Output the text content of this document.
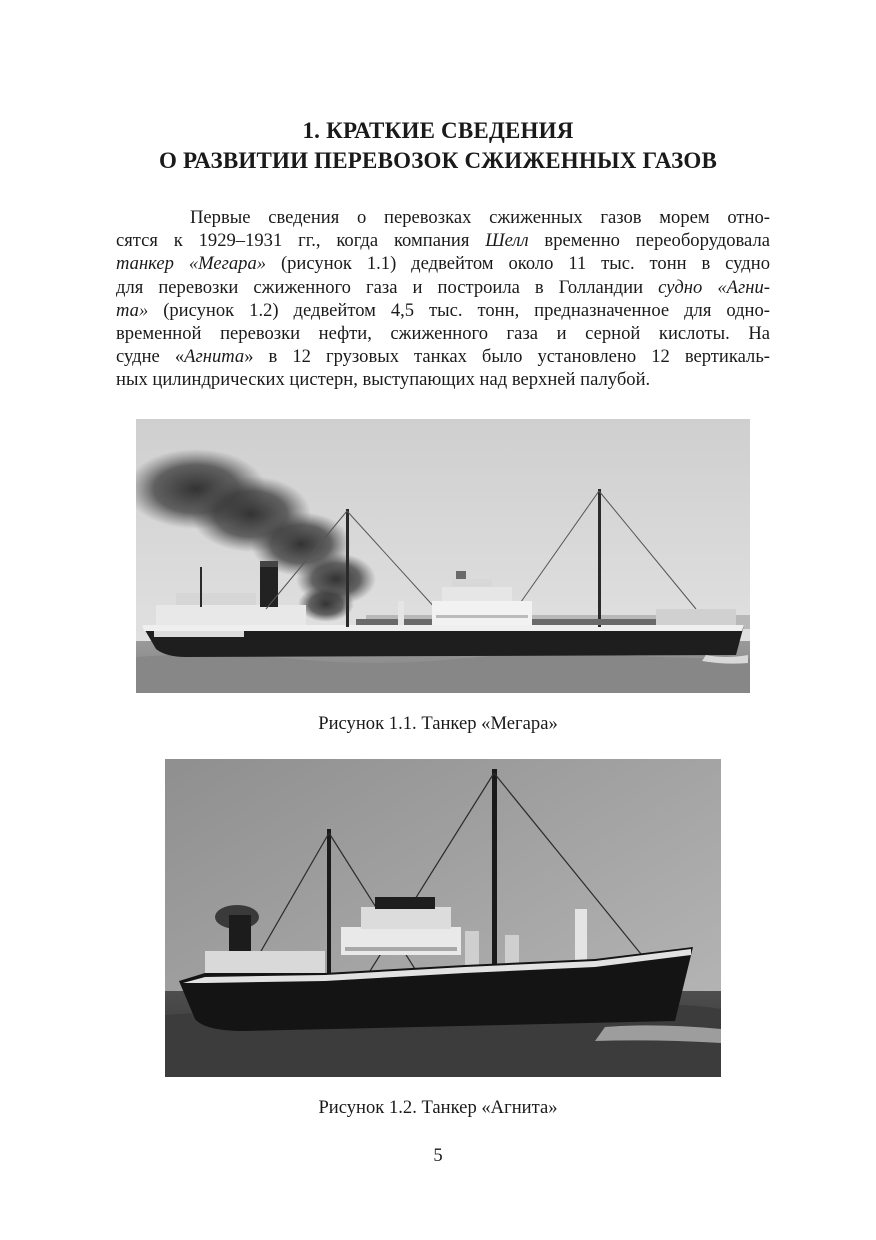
1. КРАТКИЕ СВЕДЕНИЯ
О РАЗВИТИИ ПЕРЕВОЗОК СЖИЖЕННЫХ ГАЗОВ
Первые сведения о перевозках сжиженных газов морем отно-
сятся к 1929–1931 гг., когда компания Шелл временно переоборудовала
танкер «Мегара» (рисунок 1.1) дедвейтом около 11 тыс. тонн в судно
для перевозки сжиженного газа и построила в Голландии судно «Агни-
та» (рисунок 1.2) дедвейтом 4,5 тыс. тонн, предназначенное для одно-
временной перевозки нефти, сжиженного газа и серной кислоты. На
судне «Агнита» в 12 грузовых танках было установлено 12 вертикаль-
ных цилиндрических цистерн, выступающих над верхней палубой.
Рисунок 1.1. Танкер «Мегара»
Рисунок 1.2. Танкер «Агнита»
5
